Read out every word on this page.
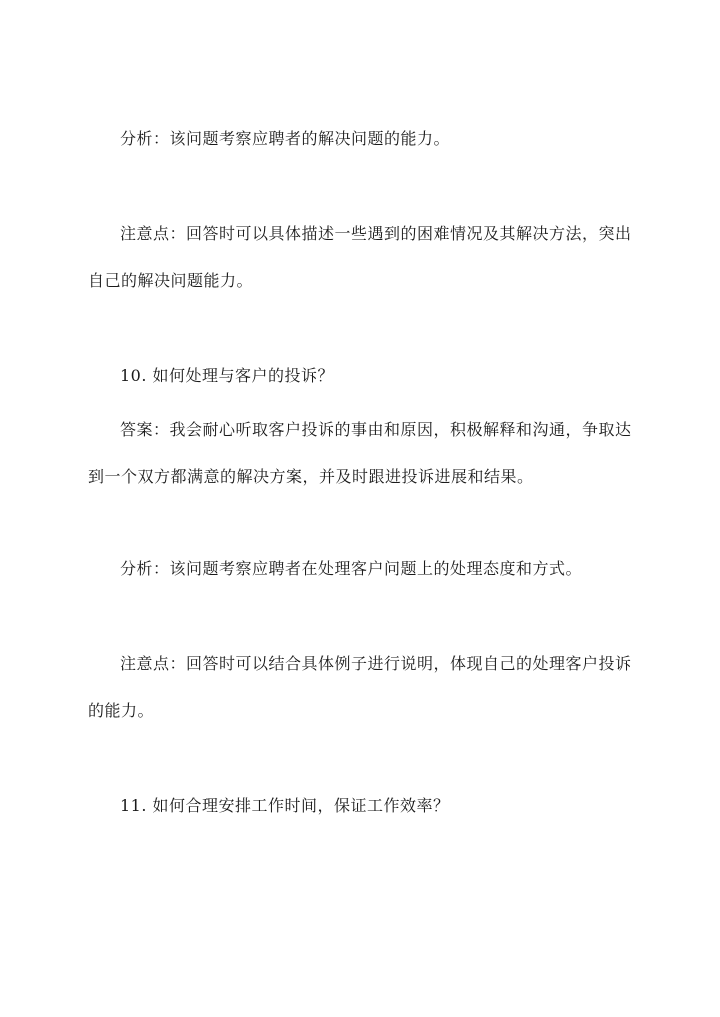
分析：该问题考察应聘者的解决问题的能力。

注意点：回答时可以具体描述一些遇到的困难情况及其解决方法，突出自己的解决问题能力。

10. 如何处理与客户的投诉？

答案：我会耐心听取客户投诉的事由和原因，积极解释和沟通，争取达到一个双方都满意的解决方案，并及时跟进投诉进展和结果。

分析：该问题考察应聘者在处理客户问题上的处理态度和方式。

注意点：回答时可以结合具体例子进行说明，体现自己的处理客户投诉的能力。

11. 如何合理安排工作时间，保证工作效率？
